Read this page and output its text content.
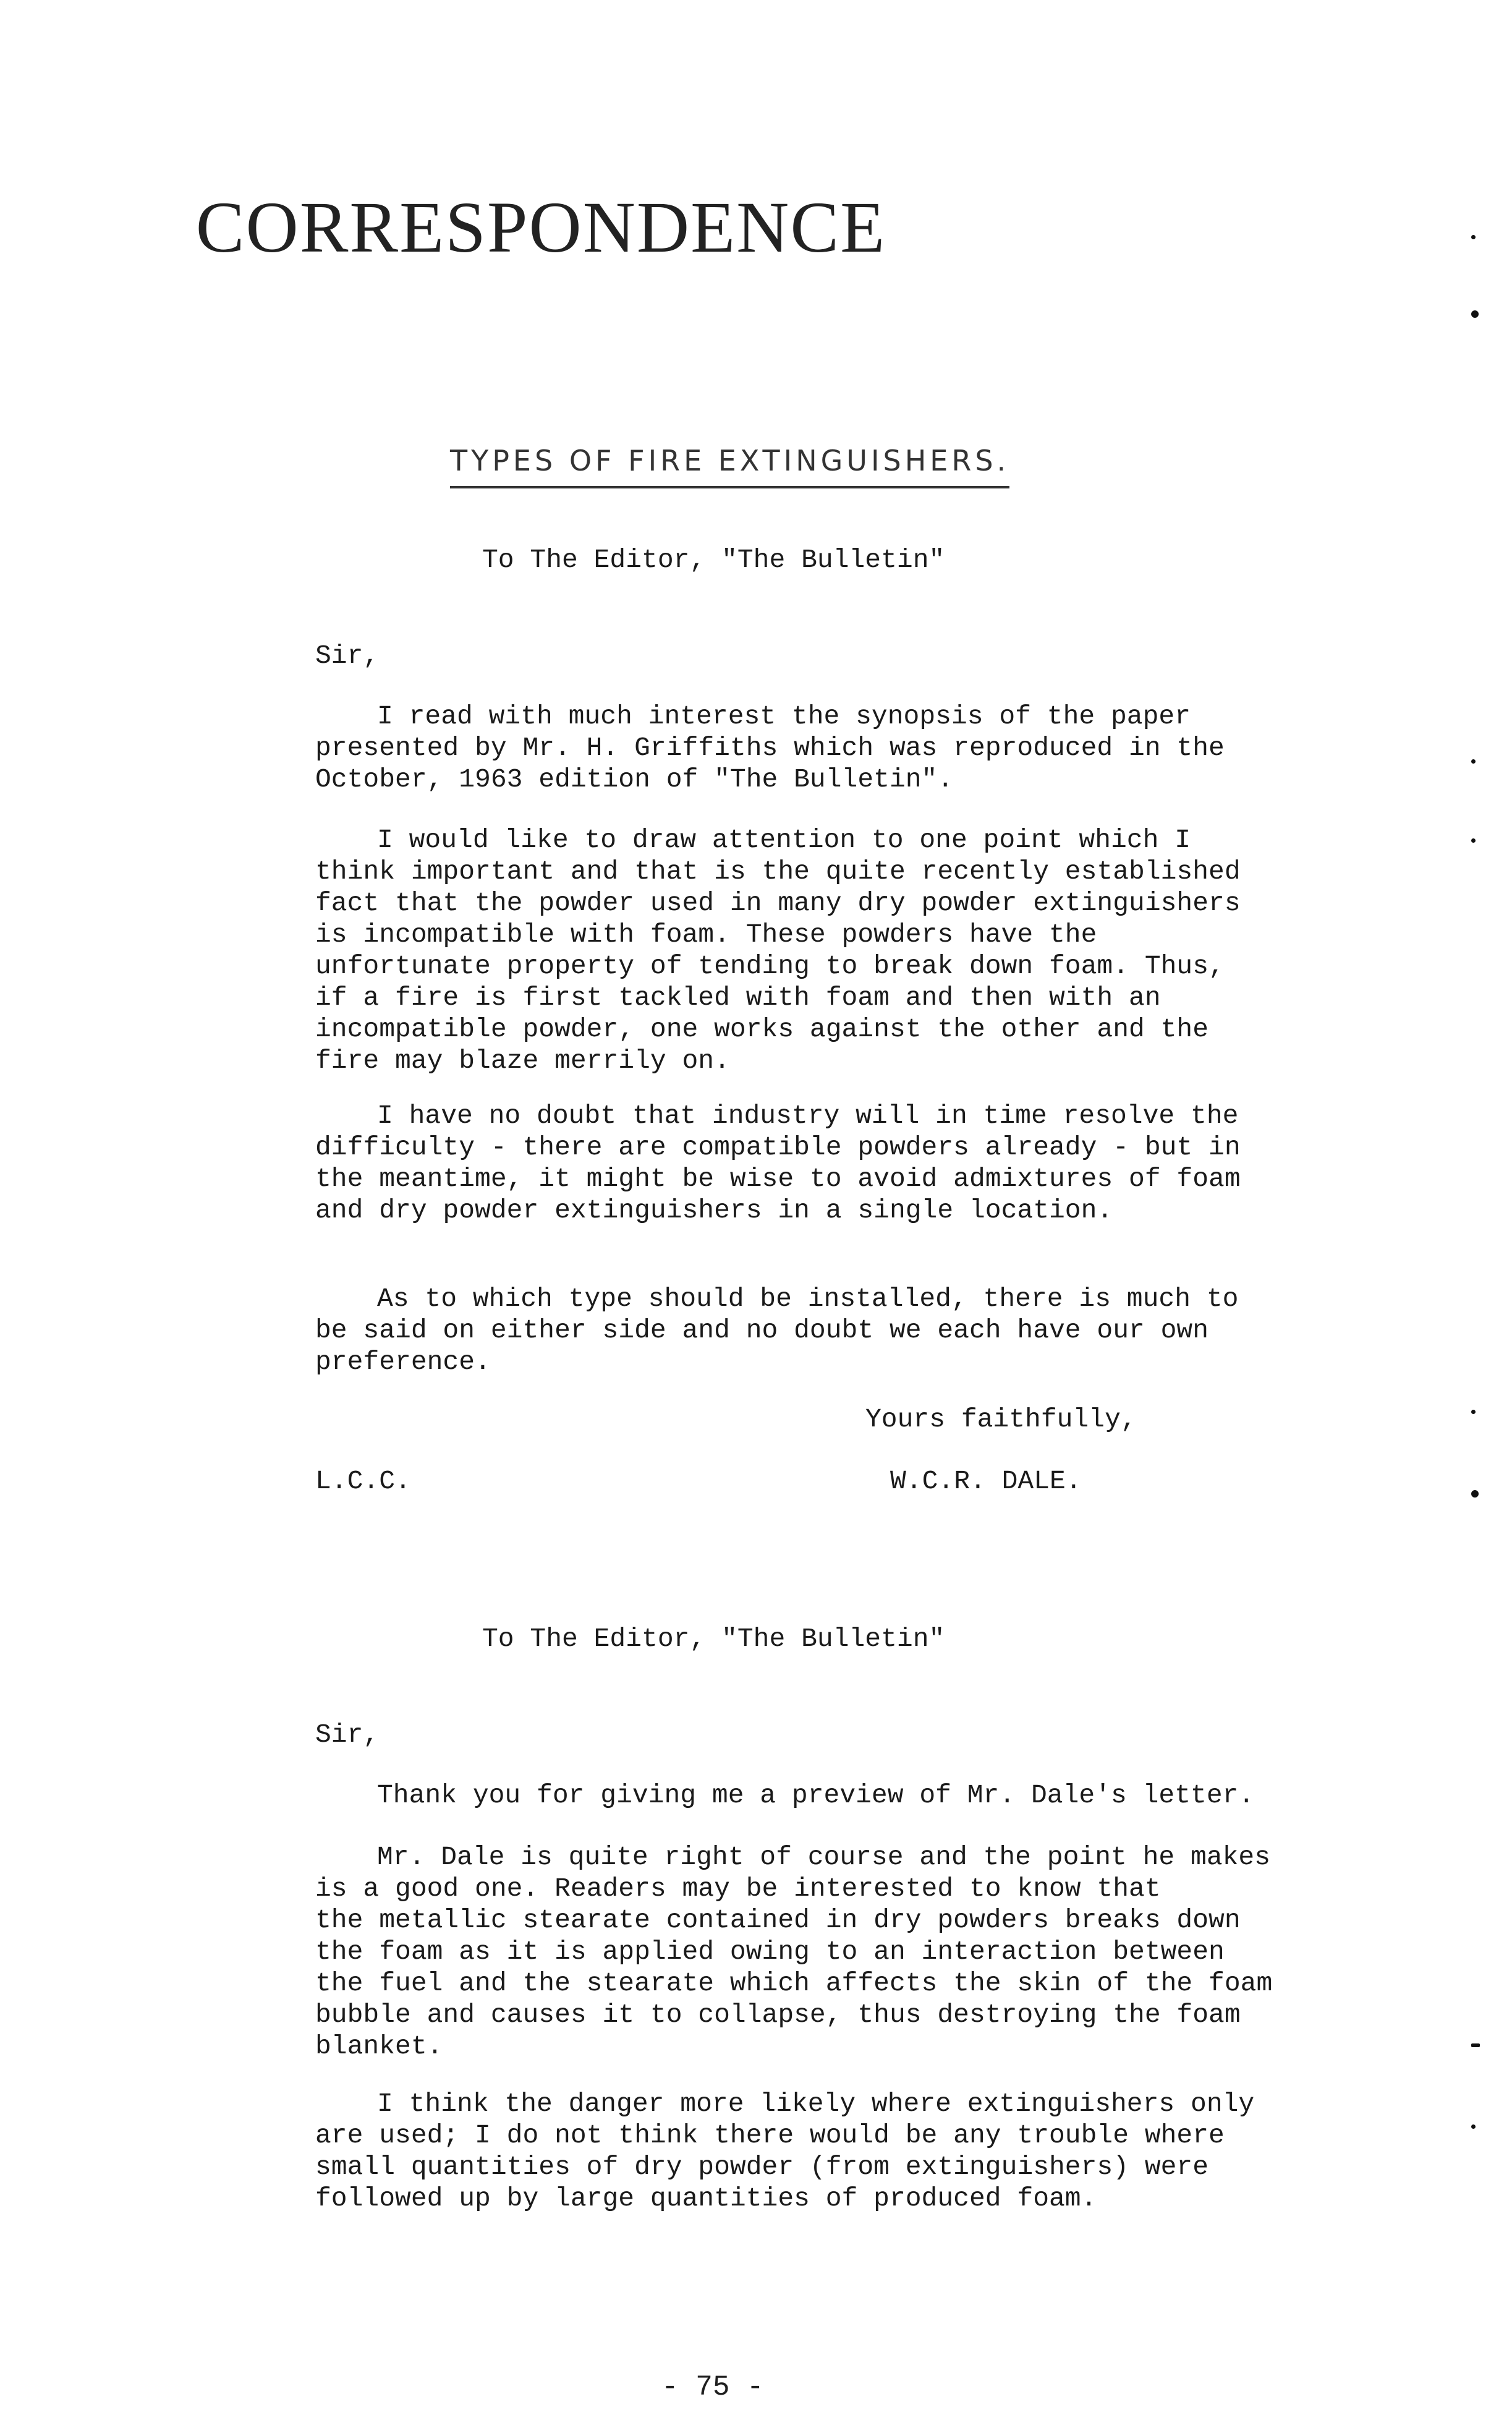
CORRESPONDENCE
TYPES OF FIRE EXTINGUISHERS.
To The Editor, "The Bulletin"
Sir,
I read with much interest the synopsis of the paper
presented by Mr. H. Griffiths which was reproduced in the
October, 1963 edition of "The Bulletin".
I would like to draw attention to one point which I
think important and that is the quite recently established
fact that the powder used in many dry powder extinguishers
is incompatible with foam. These powders have the
unfortunate property of tending to break down foam. Thus,
if a fire is first tackled with foam and then with an
incompatible powder, one works against the other and the
fire may blaze merrily on.
I have no doubt that industry will in time resolve the
difficulty - there are compatible powders already - but in
the meantime, it might be wise to avoid admixtures of foam
and dry powder extinguishers in a single location.
As to which type should be installed, there is much to
be said on either side and no doubt we each have our own
preference.
Yours faithfully,
L.C.C.	W.C.R. DALE.
To The Editor, "The Bulletin"
Sir,
Thank you for giving me a preview of Mr. Dale's letter.
Mr. Dale is quite right of course and the point he makes
is a good one. Readers may be interested to know that
the metallic stearate contained in dry powders breaks down
the foam as it is applied owing to an interaction between
the fuel and the stearate which affects the skin of the foam
bubble and causes it to collapse, thus destroying the foam
blanket.
I think the danger more likely where extinguishers only
are used; I do not think there would be any trouble where
small quantities of dry powder (from extinguishers) were
followed up by large quantities of produced foam.
- 75 -
